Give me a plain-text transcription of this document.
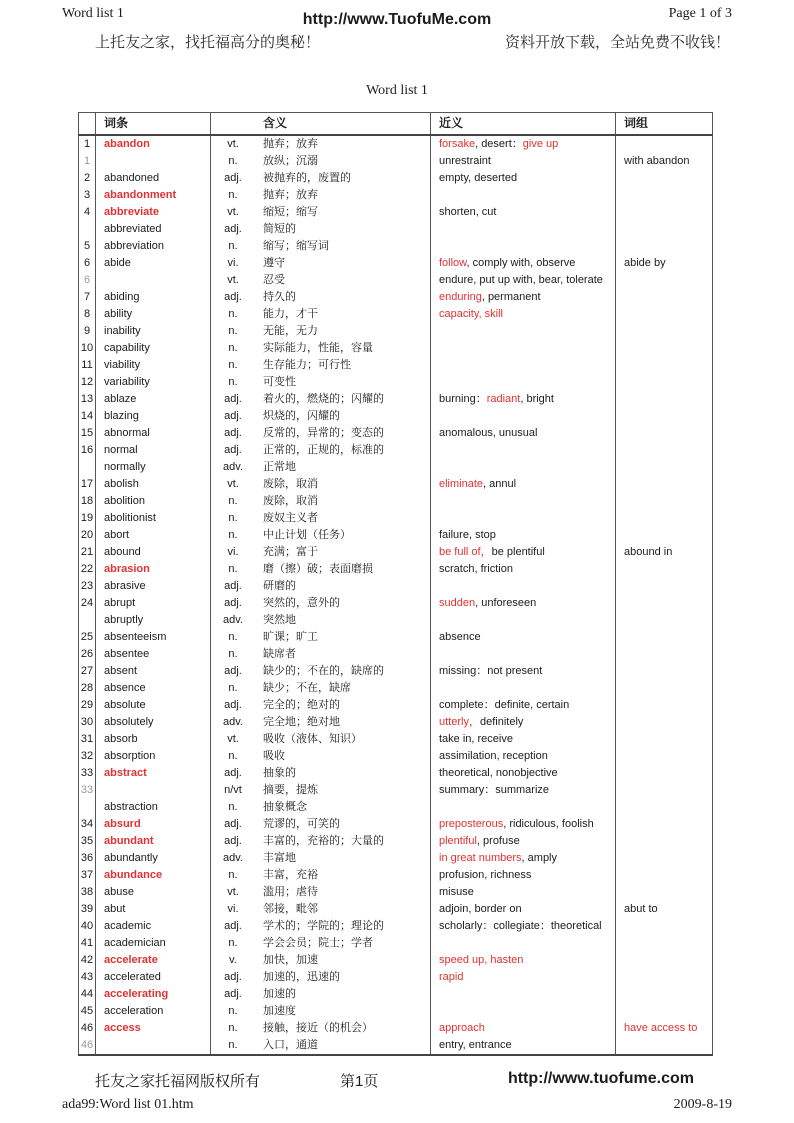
Word list 1	http://www.TuofuMe.com	Page 1 of 3
上托友之家，找托福高分的奥秘！	资料开放下载，全站免费不收钱！
Word list 1
词条	含义	近义	词组
1	abandon	vt.	抛弃；放弃	forsake, desert：give up
1	n.	放纵；沉溺	unrestraint	with abandon
2	abandoned	adj.	被抛弃的，废置的	empty, deserted
3	abandonment	n.	抛弃；放弃
4	abbreviate	vt.	缩短；缩写	shorten, cut
abbreviated	adj.	简短的
5	abbreviation	n.	缩写；缩写词
6	abide	vi.	遵守	follow, comply with, observe	abide by
6	vt.	忍受	endure, put up with, bear, tolerate
7	abiding	adj.	持久的	enduring, permanent
8	ability	n.	能力，才干	capacity, skill
9	inability	n.	无能，无力
10 capability	n.	实际能力，性能，容量
11	viability	n.	生存能力；可行性
12 variability	n.	可变性
13 ablaze	adj.	着火的，燃烧的；闪耀的	burning：radiant, bright
14 blazing	adj.	炽烧的，闪耀的
15 abnormal	adj.	反常的，异常的；变态的	anomalous, unusual
16 normal	adj.	正常的，正规的，标准的
normally	adv.	正常地
17 abolish	vt.	废除，取消	eliminate, annul
18 abolition	n.	废除，取消
19 abolitionist	n.	废奴主义者
20 abort	n.	中止计划（任务）	failure, stop
21 abound	vi.	充满；富于	be full of，be plentiful	abound in
22 abrasion	n.	磨（擦）破；表面磨损	scratch, friction
23 abrasive	adj.	研磨的
24 abrupt	adj.	突然的，意外的	sudden, unforeseen
abruptly	adv.	突然地
25 absenteeism	n.	旷课；旷工	absence
26 absentee	n.	缺席者
27 absent	adj.	缺少的；不在的，缺席的	missing：not present
28 absence	n.	缺少；不在，缺席
29 absolute	adj.	完全的；绝对的	complete：definite, certain
30 absolutely	adv.	完全地；绝对地	utterly，definitely
31 absorb	vt.	吸收（液体、知识）	take in, receive
32 absorption	n.	吸收	assimilation, reception
33 abstract	adj.	抽象的	theoretical, nonobjective
33	n/vt	摘要，提炼	summary：summarize
abstraction	n.	抽象概念
34 absurd	adj.	荒谬的，可笑的	preposterous, ridiculous, foolish
35 abundant	adj.	丰富的，充裕的；大量的	plentiful, profuse
36 abundantly	adv.	丰富地	in great numbers, amply
37 abundance	n.	丰富，充裕	profusion, richness
38 abuse	vt.	滥用；虐待	misuse
39 abut	vi.	邻接，毗邻	adjoin, border on	abut to
40 academic	adj.	学术的；学院的；理论的	scholarly：collegiate：theoretical
41 academician	n.	学会会员；院士；学者
42 accelerate	v.	加快，加速	speed up, hasten
43 accelerated	adj.	加速的，迅速的	rapid
44 accelerating	adj.	加速的
45 acceleration	n.	加速度
46 access	n.	接触，接近（的机会）	approach	have access to
46	n.	入口，通道	entry, entrance
托友之家托福网版权所有	第1页	http://www.tuofume.com
ada99:Word list 01.htm	2009-8-19
